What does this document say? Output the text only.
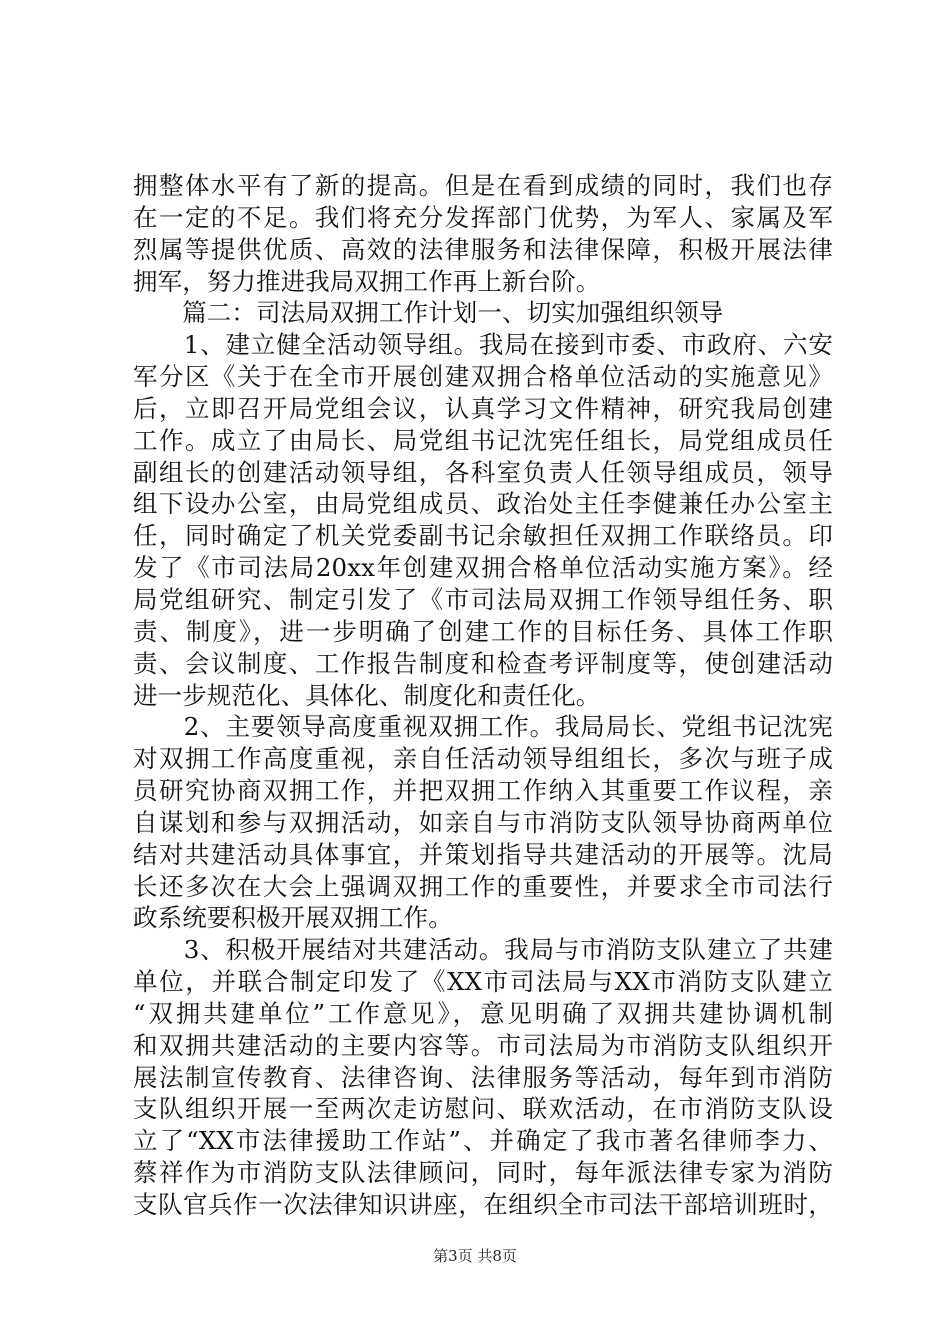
拥整体水平有了新的提高。但是在看到成绩的同时，我们也存
在一定的不足。我们将充分发挥部门优势，为军人、家属及军
烈属等提供优质、高效的法律服务和法律保障，积极开展法律
拥军，努力推进我局双拥工作再上新台阶。
　　篇二：司法局双拥工作计划一、切实加强组织领导
　　1、建立健全活动领导组。我局在接到市委、市政府、六安
军分区《关于在全市开展创建双拥合格单位活动的实施意见》
后，立即召开局党组会议，认真学习文件精神，研究我局创建
工作。成立了由局长、局党组书记沈宪任组长，局党组成员任
副组长的创建活动领导组，各科室负责人任领导组成员，领导
组下设办公室，由局党组成员、政治处主任李健兼任办公室主
任，同时确定了机关党委副书记余敏担任双拥工作联络员。印
发了《市司法局20xx年创建双拥合格单位活动实施方案》。经
局党组研究、制定引发了《市司法局双拥工作领导组任务、职
责、制度》，进一步明确了创建工作的目标任务、具体工作职
责、会议制度、工作报告制度和检查考评制度等，使创建活动
进一步规范化、具体化、制度化和责任化。
　　2、主要领导高度重视双拥工作。我局局长、党组书记沈宪
对双拥工作高度重视，亲自任活动领导组组长，多次与班子成
员研究协商双拥工作，并把双拥工作纳入其重要工作议程，亲
自谋划和参与双拥活动，如亲自与市消防支队领导协商两单位
结对共建活动具体事宜，并策划指导共建活动的开展等。沈局
长还多次在大会上强调双拥工作的重要性，并要求全市司法行
政系统要积极开展双拥工作。
　　3、积极开展结对共建活动。我局与市消防支队建立了共建
单位，并联合制定印发了《XX市司法局与XX市消防支队建立
“双拥共建单位”工作意见》，意见明确了双拥共建协调机制
和双拥共建活动的主要内容等。市司法局为市消防支队组织开
展法制宣传教育、法律咨询、法律服务等活动，每年到市消防
支队组织开展一至两次走访慰问、联欢活动，在市消防支队设
立了“XX市法律援助工作站”、并确定了我市著名律师李力、
蔡祥作为市消防支队法律顾问，同时，每年派法律专家为消防
支队官兵作一次法律知识讲座，在组织全市司法干部培训班时，
第3页 共8页
